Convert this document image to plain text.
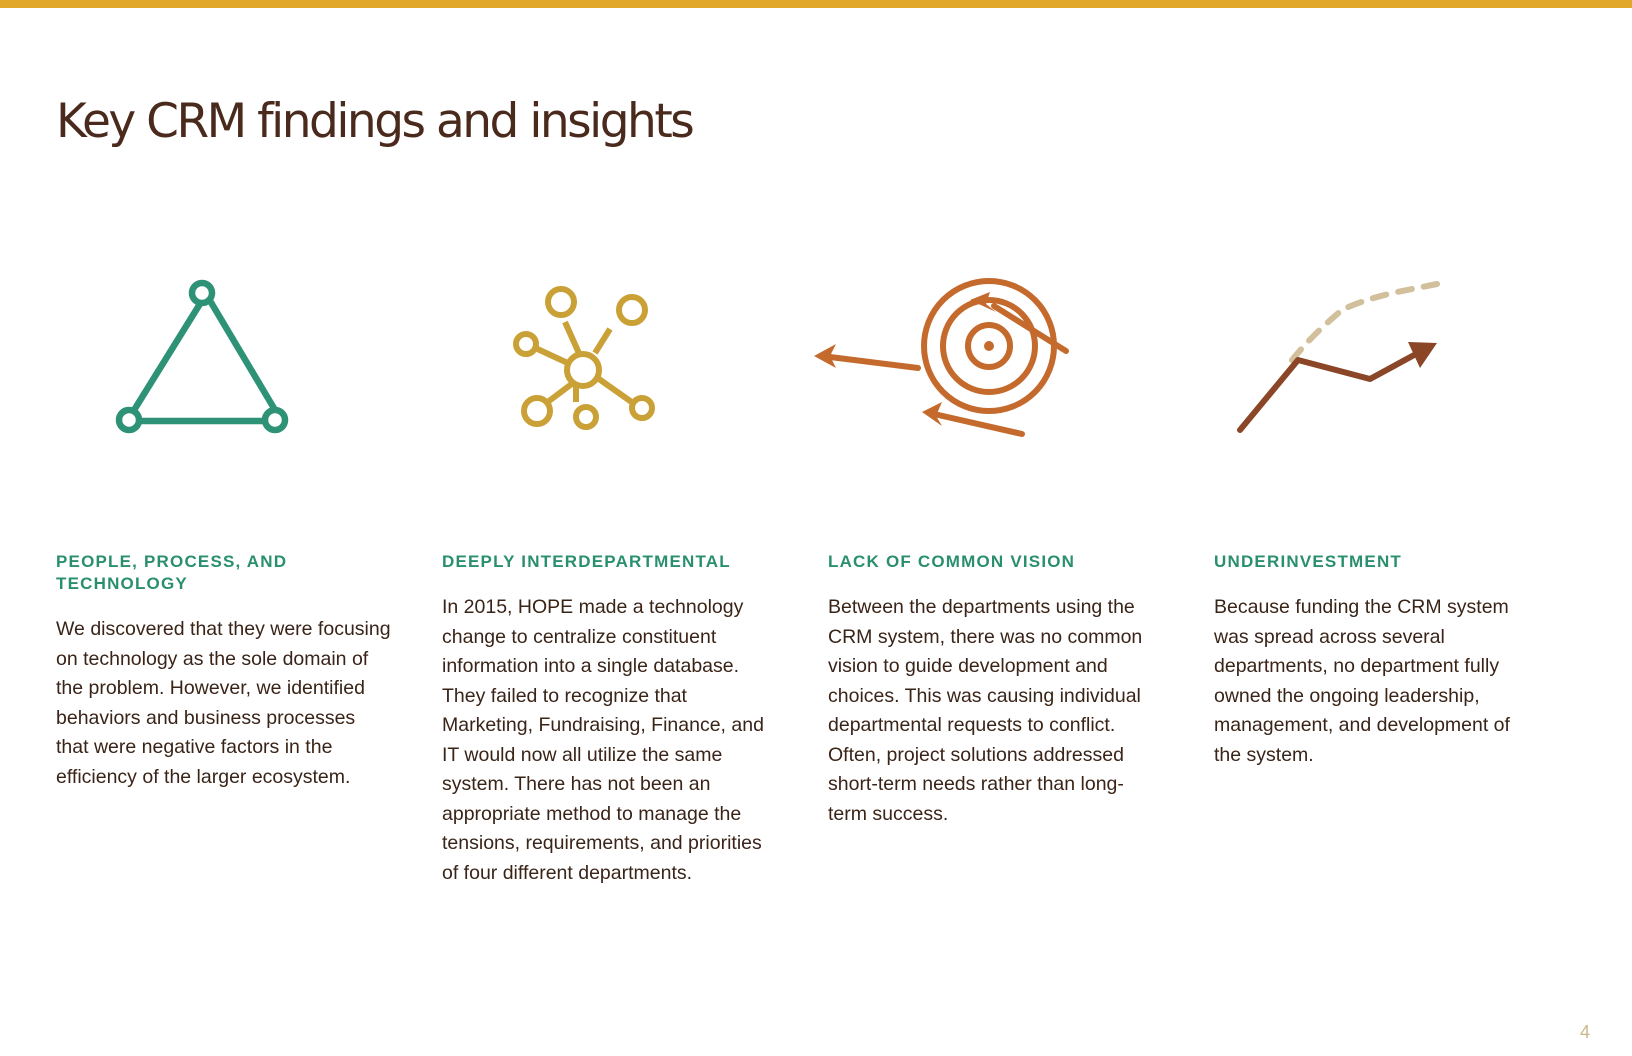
Key CRM findings and insights
PEOPLE, PROCESS, AND TECHNOLOGY

We discovered that they were focusing on technology as the sole domain of the problem. However, we identified behaviors and business processes that were negative factors in the efficiency of the larger ecosystem.

DEEPLY INTERDEPARTMENTAL

In 2015, HOPE made a technology change to centralize constituent information into a single database. They failed to recognize that Marketing, Fundraising, Finance, and IT would now all utilize the same system. There has not been an appropriate method to manage the tensions, requirements, and priorities of four different departments.

LACK OF COMMON VISION

Between the departments using the CRM system, there was no common vision to guide development and choices. This was causing individual departmental requests to conflict. Often, project solutions addressed short-term needs rather than long-term success.

UNDERINVESTMENT

Because funding the CRM system was spread across several departments, no department fully owned the ongoing leadership, management, and development of the system.

4
